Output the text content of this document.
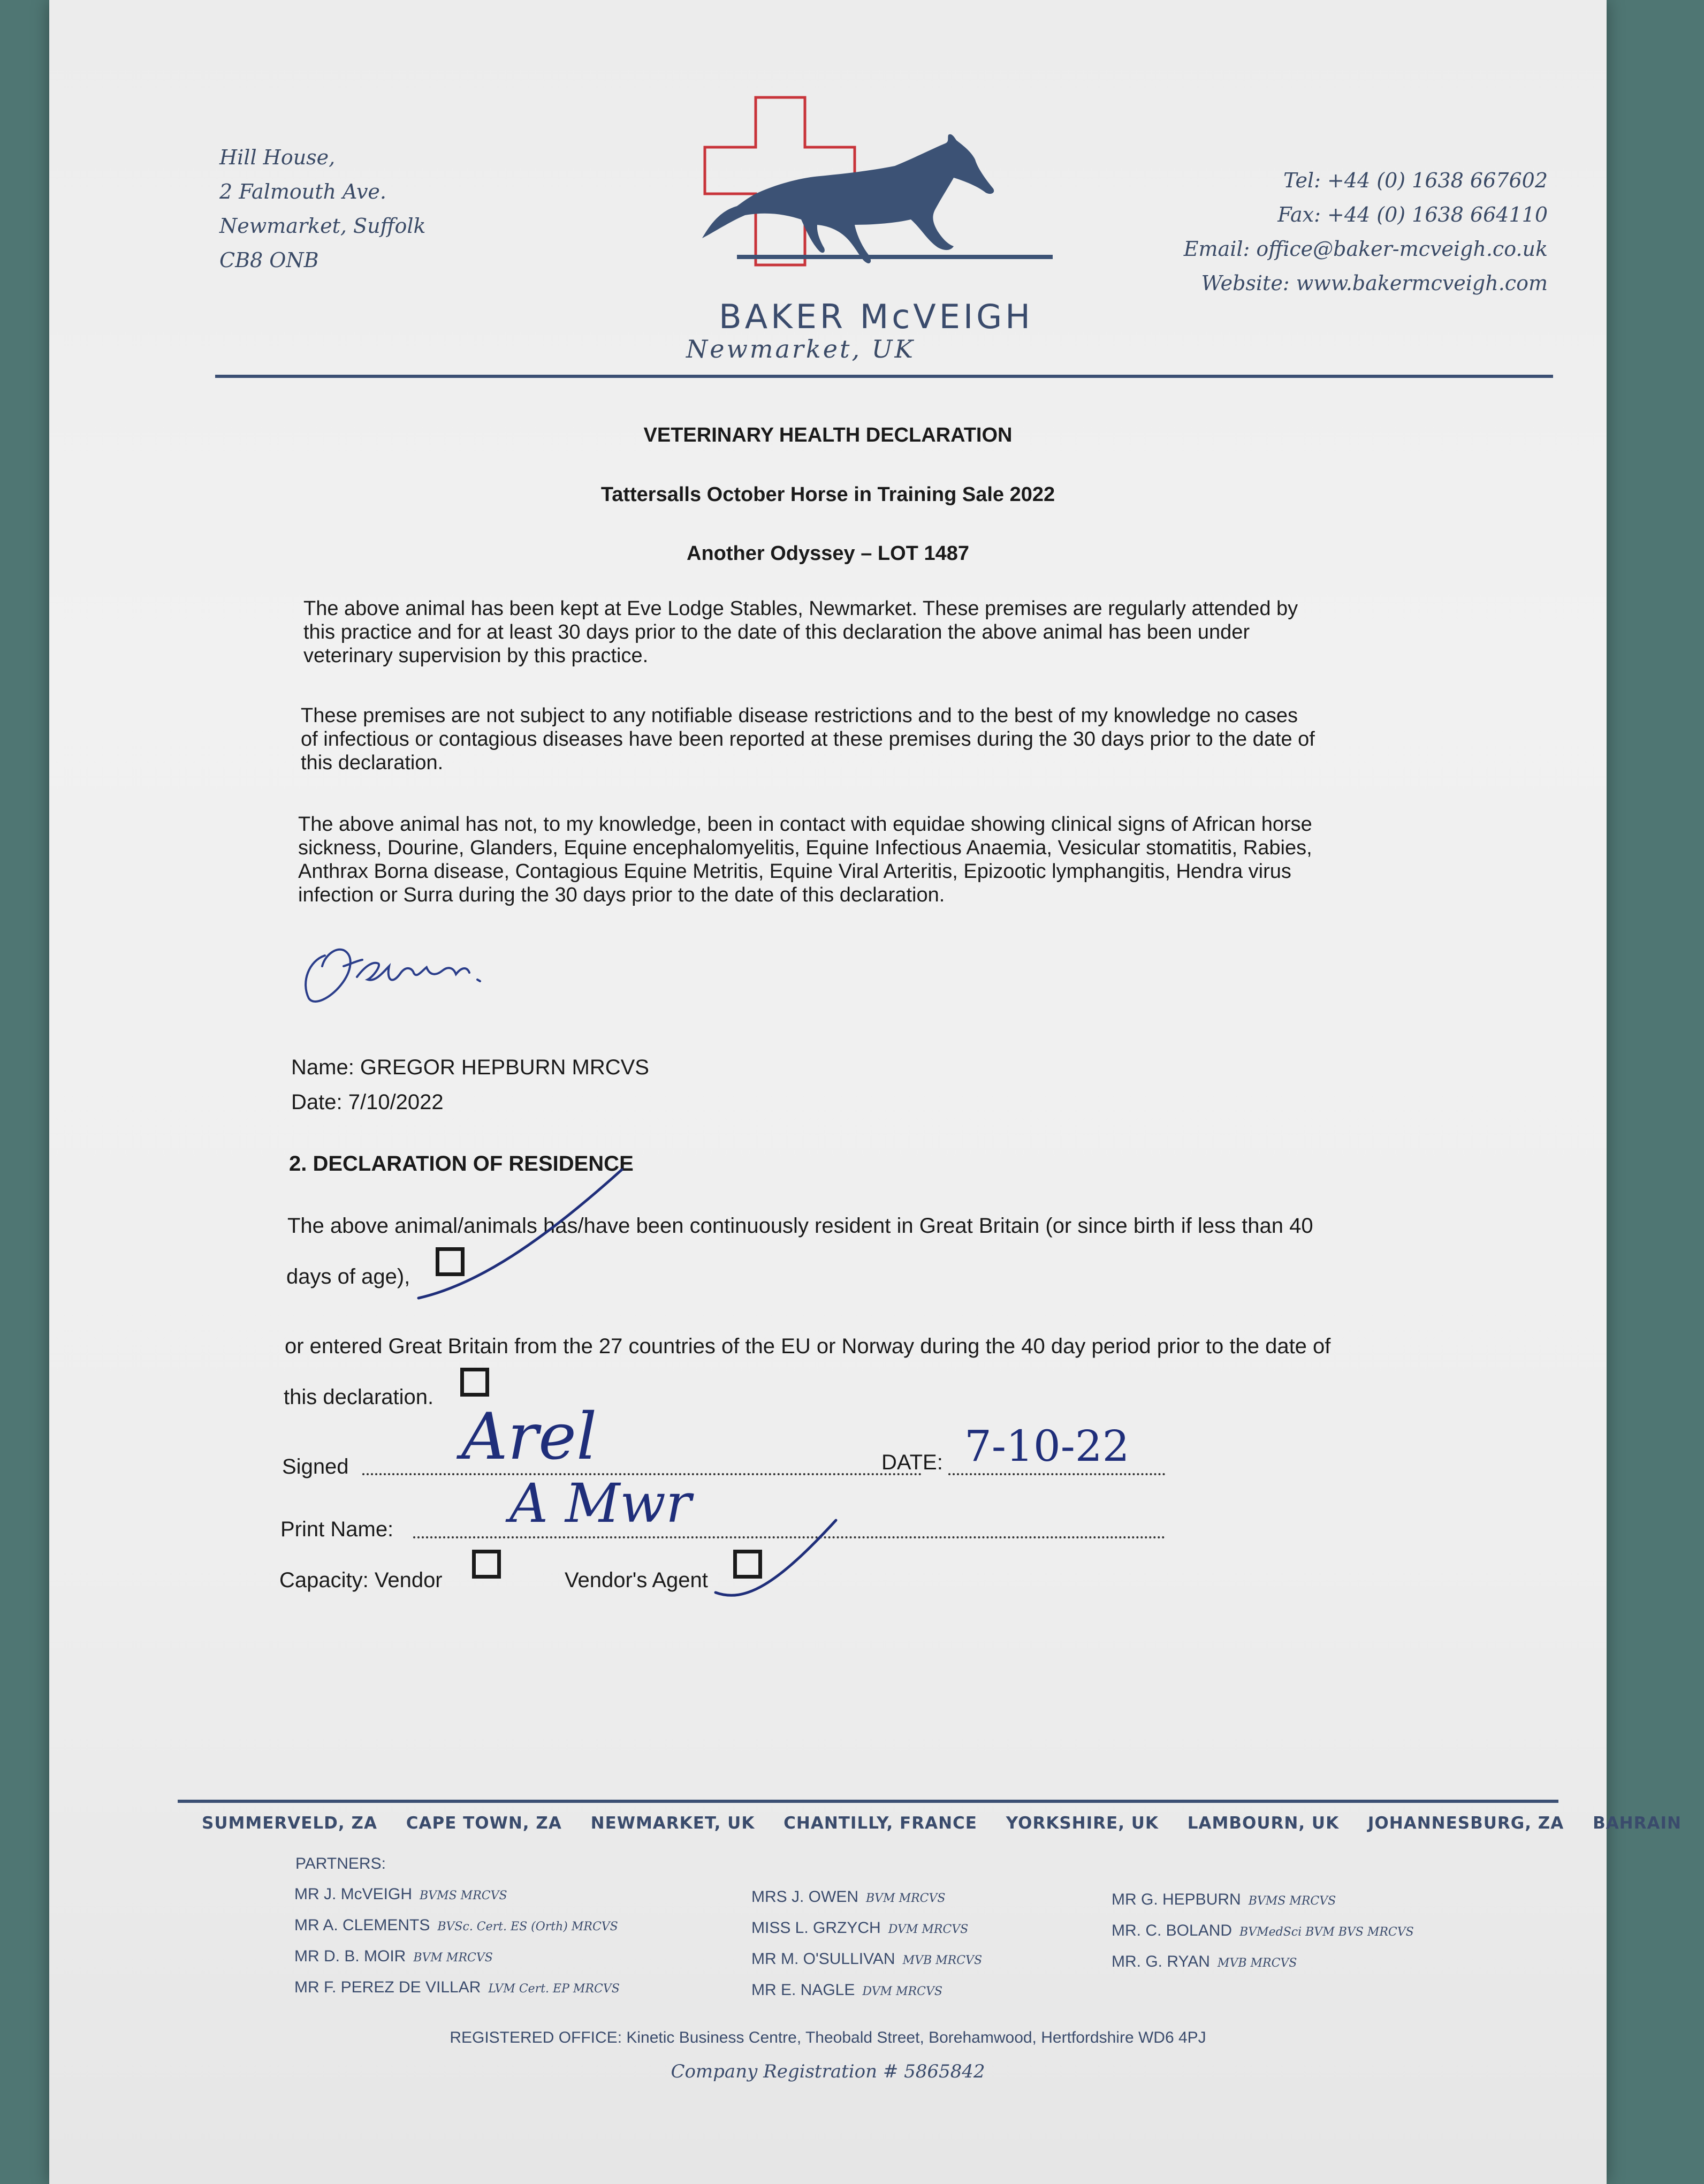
Hill House,
2 Falmouth Ave.
Newmarket, Suffolk
CB8 ONB
BAKER McVEIGH
Newmarket, UK
Tel: +44 (0) 1638 667602
Fax: +44 (0) 1638 664110
Email: office@baker-mcveigh.co.uk
Website: www.bakermcveigh.com
VETERINARY HEALTH DECLARATION
Tattersalls October Horse in Training Sale 2022
Another Odyssey – LOT 1487

The above animal has been kept at Eve Lodge Stables, Newmarket. These premises are regularly attended by

this practice and for at least 30 days prior to the date of this declaration the above animal has been under

veterinary supervision by this practice.

These premises are not subject to any notifiable disease restrictions and to the best of my knowledge no cases

of infectious or contagious diseases have been reported at these premises during the 30 days prior to the date of

this declaration.

The above animal has not, to my knowledge, been in contact with equidae showing clinical signs of African horse

sickness, Dourine, Glanders, Equine encephalomyelitis, Equine Infectious Anaemia, Vesicular stomatitis, Rabies,

Anthrax Borna disease, Contagious Equine Metritis, Equine Viral Arteritis, Epizootic lymphangitis, Hendra virus

infection or Surra during the 30 days prior to the date of this declaration.

Name: GREGOR HEPBURN MRCVS
Date: 7/10/2022
2. DECLARATION OF RESIDENCE
The above animal/animals has/have been continuously resident in Great Britain (or since birth if less than 40
days of age),
or entered Great Britain from the 27 countries of the EU or Norway during the 40 day period prior to the date of
this declaration.
Signed Arel	DATE: 7-10-22
Print Name: A Mwr
Capacity: Vendor	Vendor's Agent
SUMMERVELD, ZA CAPE TOWN, ZA NEWMARKET, UK CHANTILLY, FRANCE YORKSHIRE, UK LAMBOURN, UK JOHANNESBURG, ZA BAHRAIN
PARTNERS:
MR J. McVEIGH BVMS MRCVS
MR A. CLEMENTS BVSc. Cert. ES (Orth) MRCVS
MR D. B. MOIR BVM MRCVS
MR F. PEREZ DE VILLAR LVM Cert. EP MRCVS
MRS J. OWEN BVM MRCVS
MISS L. GRZYCH DVM MRCVS
MR M. O'SULLIVAN MVB MRCVS
MR E. NAGLE DVM MRCVS
MR G. HEPBURN BVMS MRCVS
MR. C. BOLAND BVMedSci BVM BVS MRCVS
MR. G. RYAN MVB MRCVS
REGISTERED OFFICE: Kinetic Business Centre, Theobald Street, Borehamwood, Hertfordshire WD6 4PJ
Company Registration # 5865842
